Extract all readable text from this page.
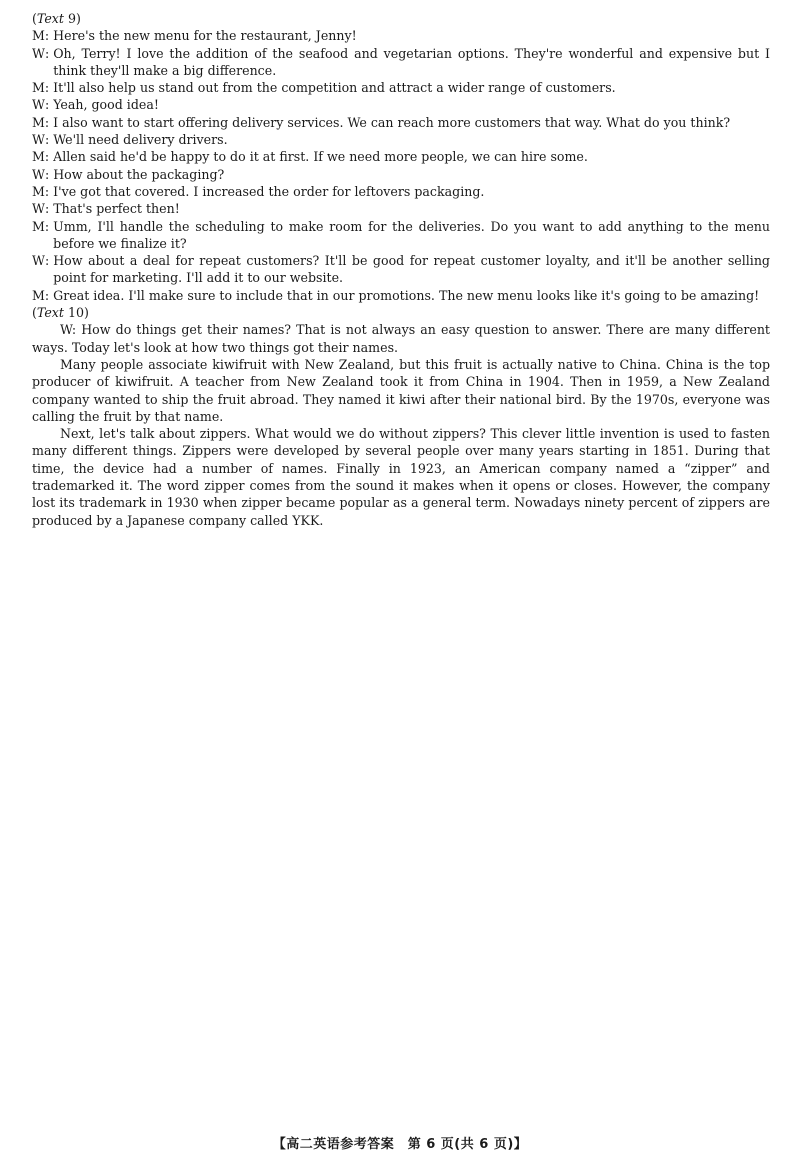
(Text 9)
M : Here's the new menu for the restaurant, Jenny!
W : Oh, Terry! I love the addition of the seafood and vegetarian options. They're wonderful and expensive but I think they'll make a big difference.
M : It'll also help us stand out from the competition and attract a wider range of customers.
W : Yeah, good idea!
M : I also want to start offering delivery services. We can reach more customers that way. What do you think?
W : We'll need delivery drivers.
M : Allen said he'd be happy to do it at first. If we need more people, we can hire some.
W : How about the packaging?
M : I've got that covered. I increased the order for leftovers packaging.
W : That's perfect then!
M : Umm, I'll handle the scheduling to make room for the deliveries. Do you want to add anything to the menu before we finalize it?
W : How about a deal for repeat customers? It'll be good for repeat customer loyalty, and it'll be another selling point for marketing. I'll add it to our website.
M : Great idea. I'll make sure to include that in our promotions. The new menu looks like it's going to be amazing!
(Text 10)

W: How do things get their names? That is not always an easy question to answer. There are many different ways. Today let's look at how two things got their names.

Many people associate kiwifruit with New Zealand, but this fruit is actually native to China. China is the top producer of kiwifruit. A teacher from New Zealand took it from China in 1904. Then in 1959, a New Zealand company wanted to ship the fruit abroad. They named it kiwi after their national bird. By the 1970s, everyone was calling the fruit by that name.

Next, let's talk about zippers. What would we do without zippers? This clever little invention is used to fasten many different things. Zippers were developed by several people over many years starting in 1851. During that time, the device had a number of names. Finally in 1923, an American company named a “zipper” and trademarked it. The word zipper comes from the sound it makes when it opens or closes. However, the company lost its trademark in 1930 when zipper became popular as a general term. Nowadays ninety percent of zippers are produced by a Japanese company called YKK.

【高二英语参考答案　第 6 页(共 6 页)】
